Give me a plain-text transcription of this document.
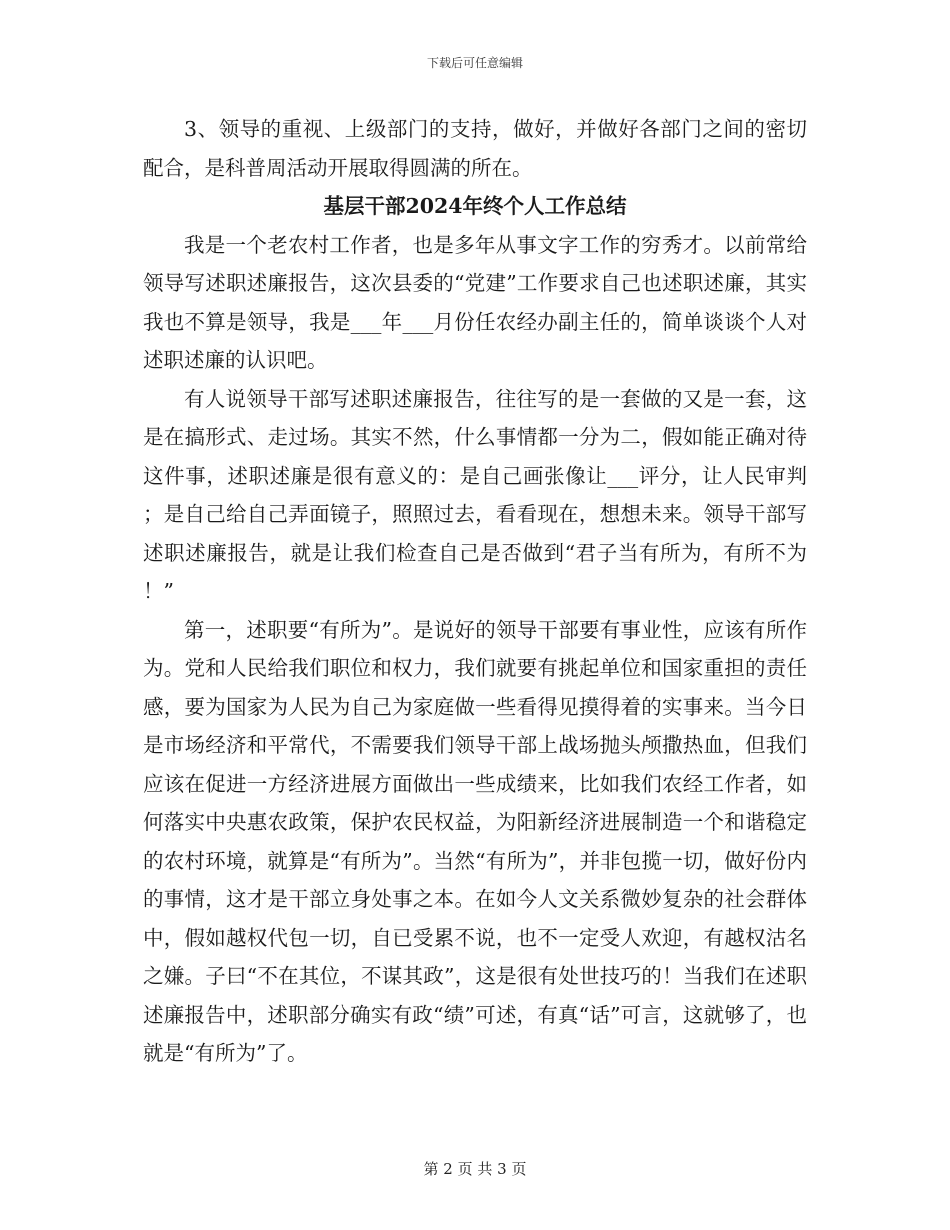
下载后可任意编辑

3、领导的重视、上级部门的支持，做好，并做好各部门之间的密切配合，是科普周活动开展取得圆满的所在。

基层干部2024年终个人工作总结

我是一个老农村工作者，也是多年从事文字工作的穷秀才。以前常给领导写述职述廉报告，这次县委的“党建”工作要求自己也述职述廉，其实我也不算是领导，我是___年___月份任农经办副主任的，简单谈谈个人对述职述廉的认识吧。

有人说领导干部写述职述廉报告，往往写的是一套做的又是一套，这是在搞形式、走过场。其实不然，什么事情都一分为二，假如能正确对待这件事，述职述廉是很有意义的：是自己画张像让___评分，让人民审判；是自己给自己弄面镜子，照照过去，看看现在，想想未来。领导干部写述职述廉报告，就是让我们检查自己是否做到“君子当有所为，有所不为！”

第一，述职要“有所为”。是说好的领导干部要有事业性，应该有所作为。党和人民给我们职位和权力，我们就要有挑起单位和国家重担的责任感，要为国家为人民为自己为家庭做一些看得见摸得着的实事来。当今日是市场经济和平常代，不需要我们领导干部上战场抛头颅撒热血，但我们应该在促进一方经济进展方面做出一些成绩来，比如我们农经工作者，如何落实中央惠农政策，保护农民权益，为阳新经济进展制造一个和谐稳定的农村环境，就算是“有所为”。当然“有所为”，并非包揽一切，做好份内的事情，这才是干部立身处事之本。在如今人文关系微妙复杂的社会群体中，假如越权代包一切，自已受累不说，也不一定受人欢迎，有越权沽名之嫌。子曰“不在其位，不谋其政”，这是很有处世技巧的！当我们在述职述廉报告中，述职部分确实有政“绩”可述，有真“话”可言，这就够了，也就是“有所为”了。

第 2 页 共 3 页
